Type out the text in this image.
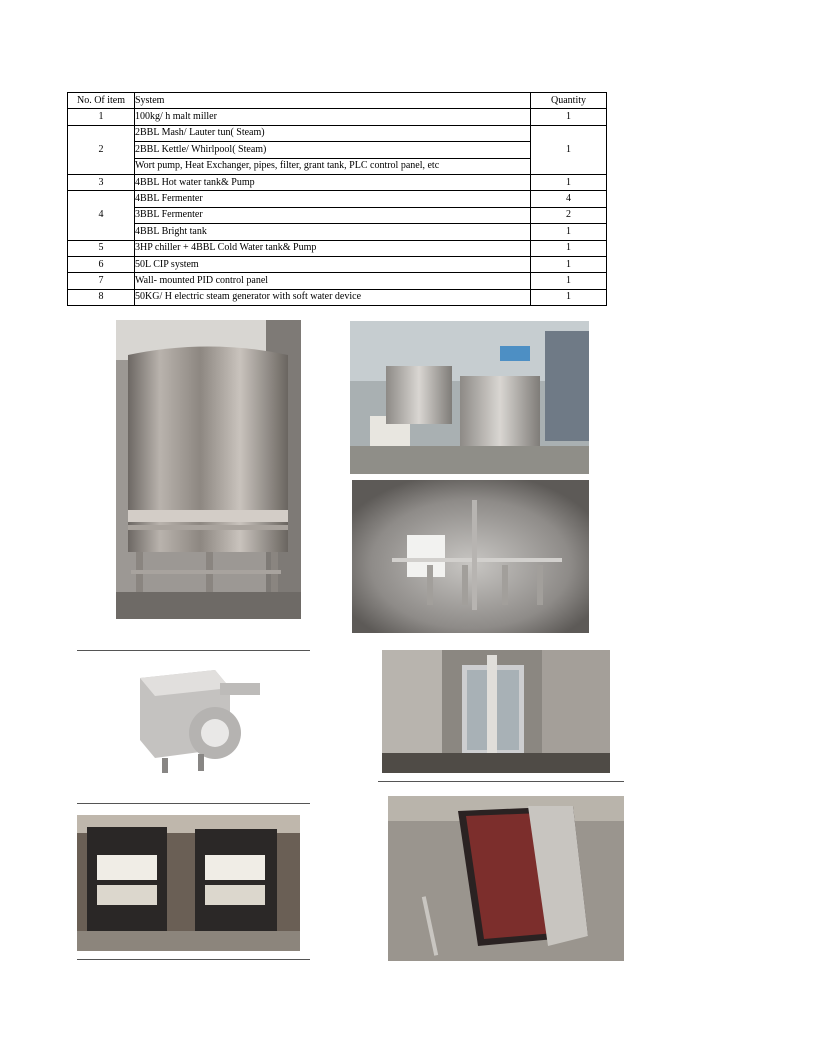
No. Of item	System	Quantity
1	100kg/ h malt miller	1
2	2BBL Mash/ Lauter tun( Steam)	1
	2BBL Kettle/ Whirlpool( Steam)	
	Wort pump, Heat Exchanger, pipes, filter, grant tank, PLC control panel, etc	
3	4BBL Hot water tank& Pump	1
4	4BBL Fermenter	4
	3BBL Fermenter	2
	4BBL Bright tank	1
5	3HP chiller + 4BBL Cold Water tank& Pump	1
6	50L CIP system	1
7	Wall- mounted PID control panel	1
8	50KG/ H electric steam generator with soft water device	1
